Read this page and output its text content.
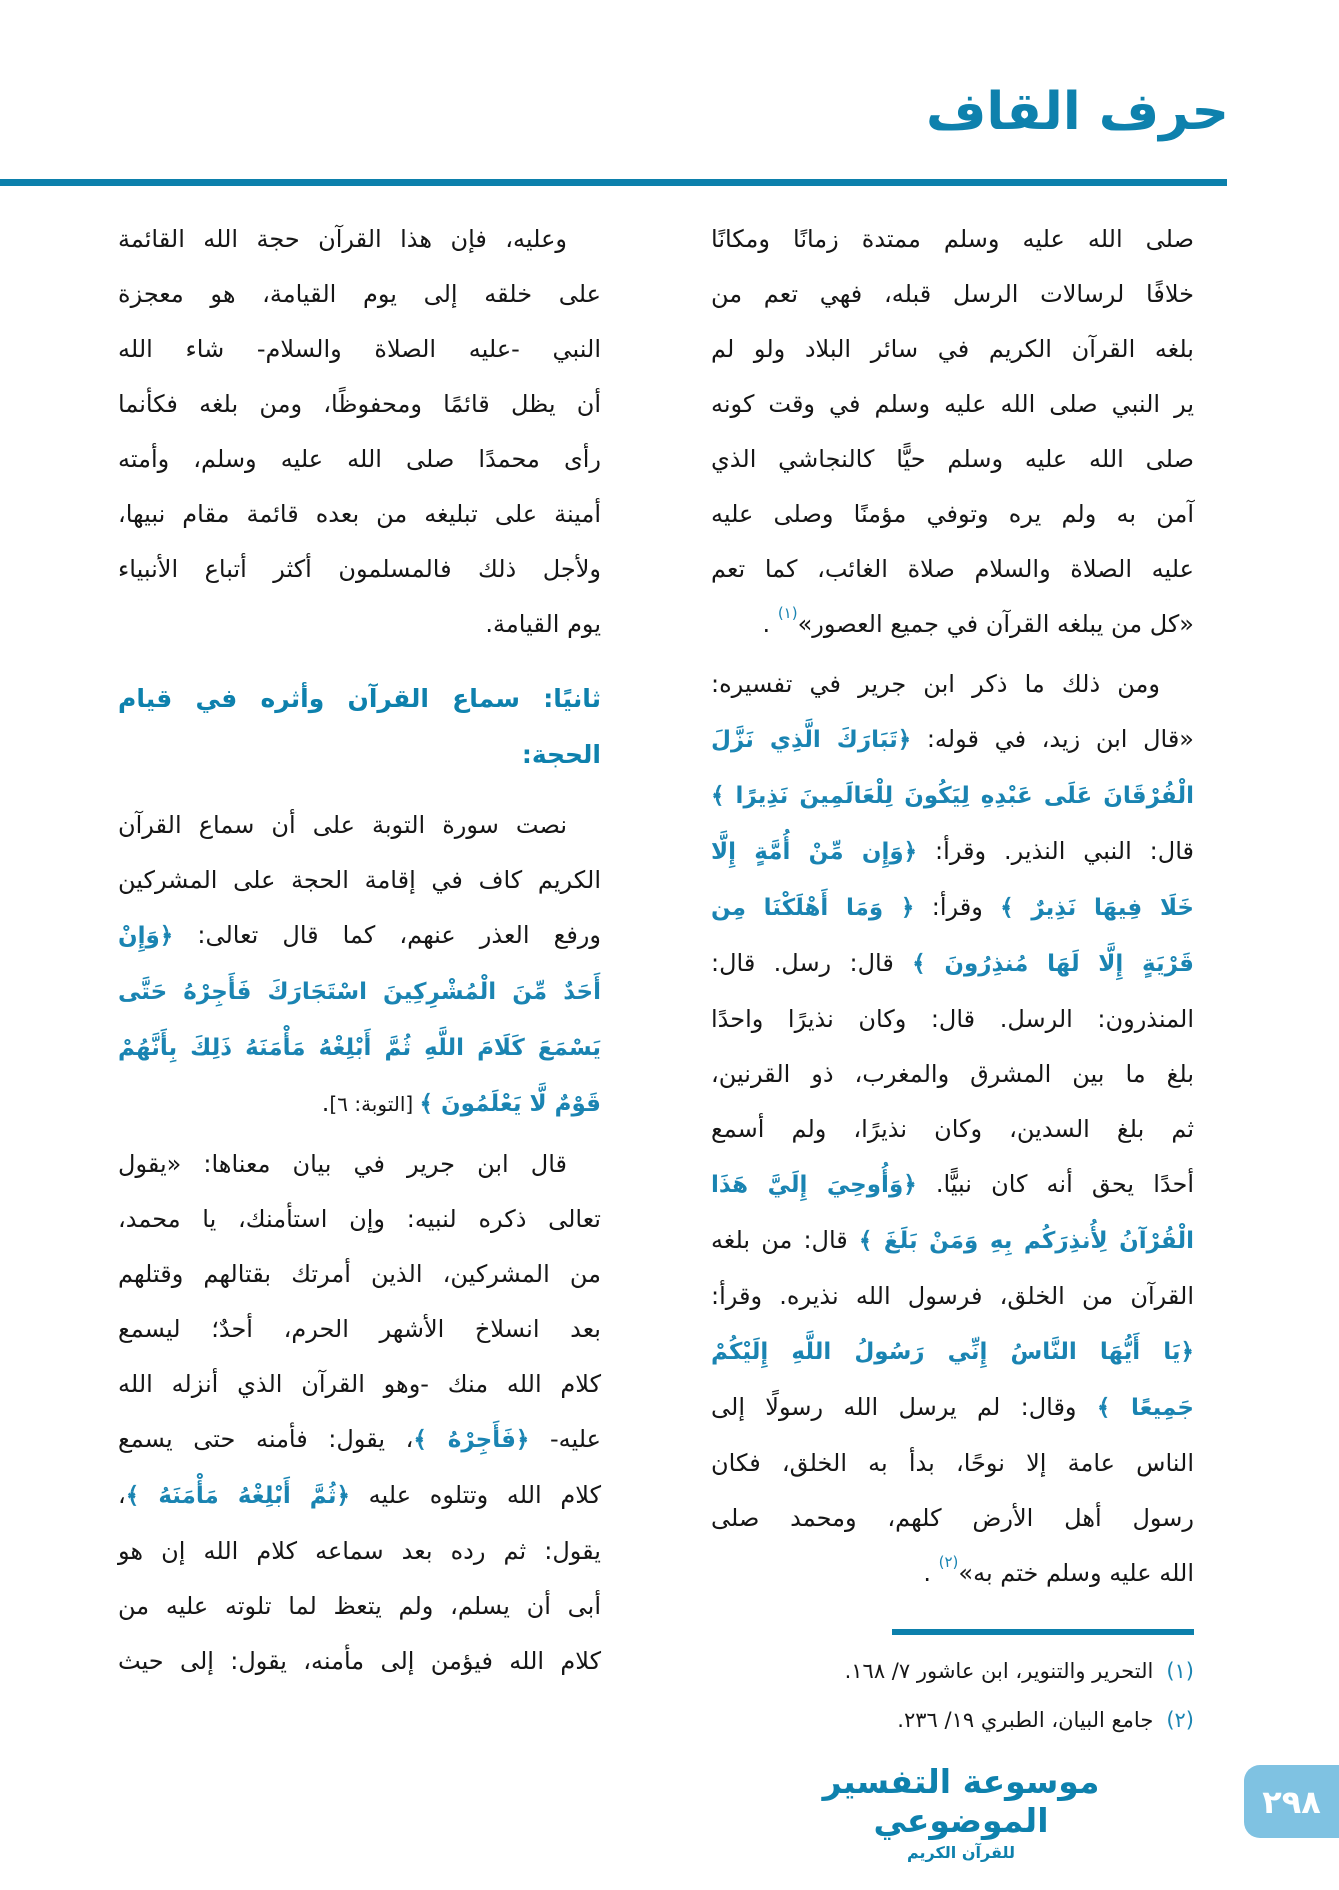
حرف القاف
صلى الله عليه وسلم ممتدة زمانًا ومكانًا
خلافًا لرسالات الرسل قبله، فهي تعم من
بلغه القرآن الكريم في سائر البلاد ولو لم
ير النبي صلى الله عليه وسلم في وقت كونه
صلى الله عليه وسلم حيًّا كالنجاشي الذي
آمن به ولم يره وتوفي مؤمنًا وصلى عليه
عليه الصلاة والسلام صلاة الغائب، كما تعم
«كل من يبلغه القرآن في جميع العصور»$^{(١)}$ .
ومن ذلك ما ذكر ابن جرير في تفسيره:
«قال ابن زيد، في قوله: ﴿تَبَارَكَ الَّذِي نَزَّلَ
الْفُرْقَانَ عَلَى عَبْدِهِ لِيَكُونَ لِلْعَالَمِينَ نَذِيرًا ﴾
قال: النبي النذير. وقرأ: ﴿وَإِن مِّنْ أُمَّةٍ إِلَّا
خَلَا فِيهَا نَذِيرٌ ﴾ وقرأ: ﴿ وَمَا أَهْلَكْنَا مِن
قَرْيَةٍ إِلَّا لَهَا مُنذِرُونَ ﴾ قال: رسل. قال:
المنذرون: الرسل. قال: وكان نذيرًا واحدًا
بلغ ما بين المشرق والمغرب، ذو القرنين،
ثم بلغ السدين، وكان نذيرًا، ولم أسمع
أحدًا يحق أنه كان نبيًّا. ﴿وَأُوحِيَ إِلَيَّ هَذَا
الْقُرْآنُ لِأُنذِرَكُم بِهِ وَمَنْ بَلَغَ ﴾ قال: من بلغه
القرآن من الخلق، فرسول الله نذيره. وقرأ:
﴿يَا أَيُّهَا النَّاسُ إِنِّي رَسُولُ اللَّهِ إِلَيْكُمْ
جَمِيعًا ﴾ وقال: لم يرسل الله رسولًا إلى
الناس عامة إلا نوحًا، بدأ به الخلق، فكان
رسول أهل الأرض كلهم، ومحمد صلى
الله عليه وسلم ختم به»$^{(٢)}$ .
(١)التحرير والتنوير، ابن عاشور ٧/ ١٦٨.
(٢)جامع البيان، الطبري ١٩/ ٢٣٦.
وعليه، فإن هذا القرآن حجة الله القائمة
على خلقه إلى يوم القيامة، هو معجزة
النبي -عليه الصلاة والسلام- شاء الله
أن يظل قائمًا ومحفوظًا، ومن بلغه فكأنما
رأى محمدًا صلى الله عليه وسلم، وأمته
أمينة على تبليغه من بعده قائمة مقام نبيها،
ولأجل ذلك فالمسلمون أكثر أتباع الأنبياء
يوم القيامة.
ثانيًا: سماع القرآن وأثره في قيام
الحجة:
نصت سورة التوبة على أن سماع القرآن
الكريم كاف في إقامة الحجة على المشركين
ورفع العذر عنهم، كما قال تعالى: ﴿وَإِنْ
أَحَدٌ مِّنَ الْمُشْرِكِينَ اسْتَجَارَكَ فَأَجِرْهُ حَتَّى
يَسْمَعَ كَلَامَ اللَّهِ ثُمَّ أَبْلِغْهُ مَأْمَنَهُ ذَلِكَ بِأَنَّهُمْ
قَوْمٌ لَّا يَعْلَمُونَ ﴾ [التوبة: ٦].
قال ابن جرير في بيان معناها: «يقول
تعالى ذكره لنبيه: وإن استأمنك، يا محمد،
من المشركين، الذين أمرتك بقتالهم وقتلهم
بعد انسلاخ الأشهر الحرم، أحدٌ؛ ليسمع
كلام الله منك -وهو القرآن الذي أنزله الله
عليه- ﴿فَأَجِرْهُ ﴾، يقول: فأمنه حتى يسمع
كلام الله وتتلوه عليه ﴿ثُمَّ أَبْلِغْهُ مَأْمَنَهُ ﴾،
يقول: ثم رده بعد سماعه كلام الله إن هو
أبى أن يسلم، ولم يتعظ لما تلوته عليه من
كلام الله فيؤمن إلى مأمنه، يقول: إلى حيث
موسوعة التفسير الموضوعي
للقرآن الكريم
٢٩٨
